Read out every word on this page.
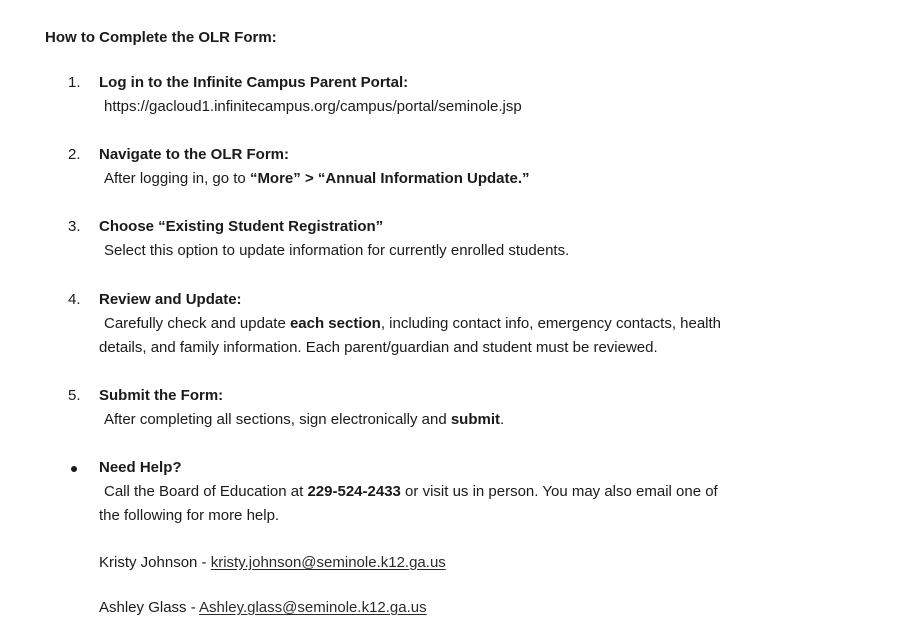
How to Complete the OLR Form:
1.	Log in to the Infinite Campus Parent Portal:
https://gacloud1.infinitecampus.org/campus/portal/seminole.jsp
2.	Navigate to the OLR Form:
After logging in, go to “More” > “Annual Information Update.”
3.	Choose “Existing Student Registration”
Select this option to update information for currently enrolled students.
4.	Review and Update:
Carefully check and update each section, including contact info, emergency contacts, health
details, and family information. Each parent/guardian and student must be reviewed.
5.	Submit the Form:
After completing all sections, sign electronically and submit.
Need Help?
Call the Board of Education at 229-524-2433 or visit us in person. You may also email one of
the following for more help.
Kristy Johnson - kristy.johnson@seminole.k12.ga.us
Ashley Glass - Ashley.glass@seminole.k12.ga.us
